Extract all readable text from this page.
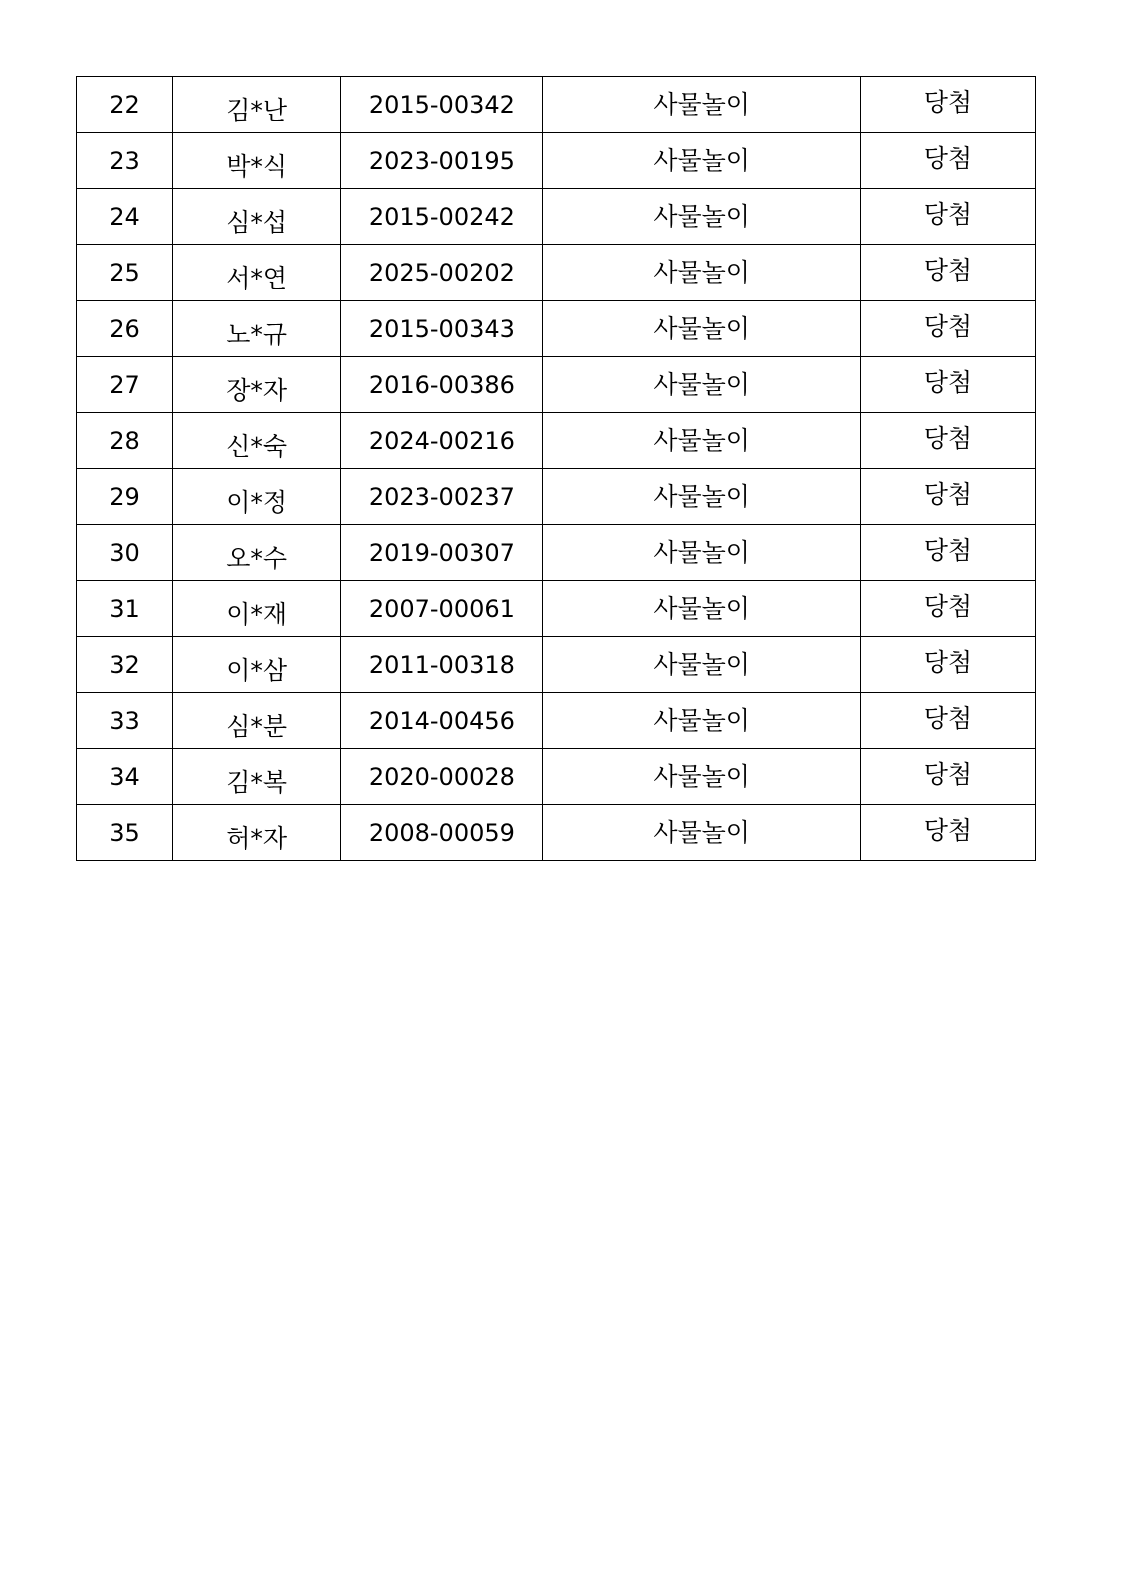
22	김*난	2015-00342	사물놀이	당첨
23	박*식	2023-00195	사물놀이	당첨
24	심*섭	2015-00242	사물놀이	당첨
25	서*연	2025-00202	사물놀이	당첨
26	노*규	2015-00343	사물놀이	당첨
27	장*자	2016-00386	사물놀이	당첨
28	신*숙	2024-00216	사물놀이	당첨
29	이*정	2023-00237	사물놀이	당첨
30	오*수	2019-00307	사물놀이	당첨
31	이*재	2007-00061	사물놀이	당첨
32	이*삼	2011-00318	사물놀이	당첨
33	심*분	2014-00456	사물놀이	당첨
34	김*복	2020-00028	사물놀이	당첨
35	허*자	2008-00059	사물놀이	당첨
